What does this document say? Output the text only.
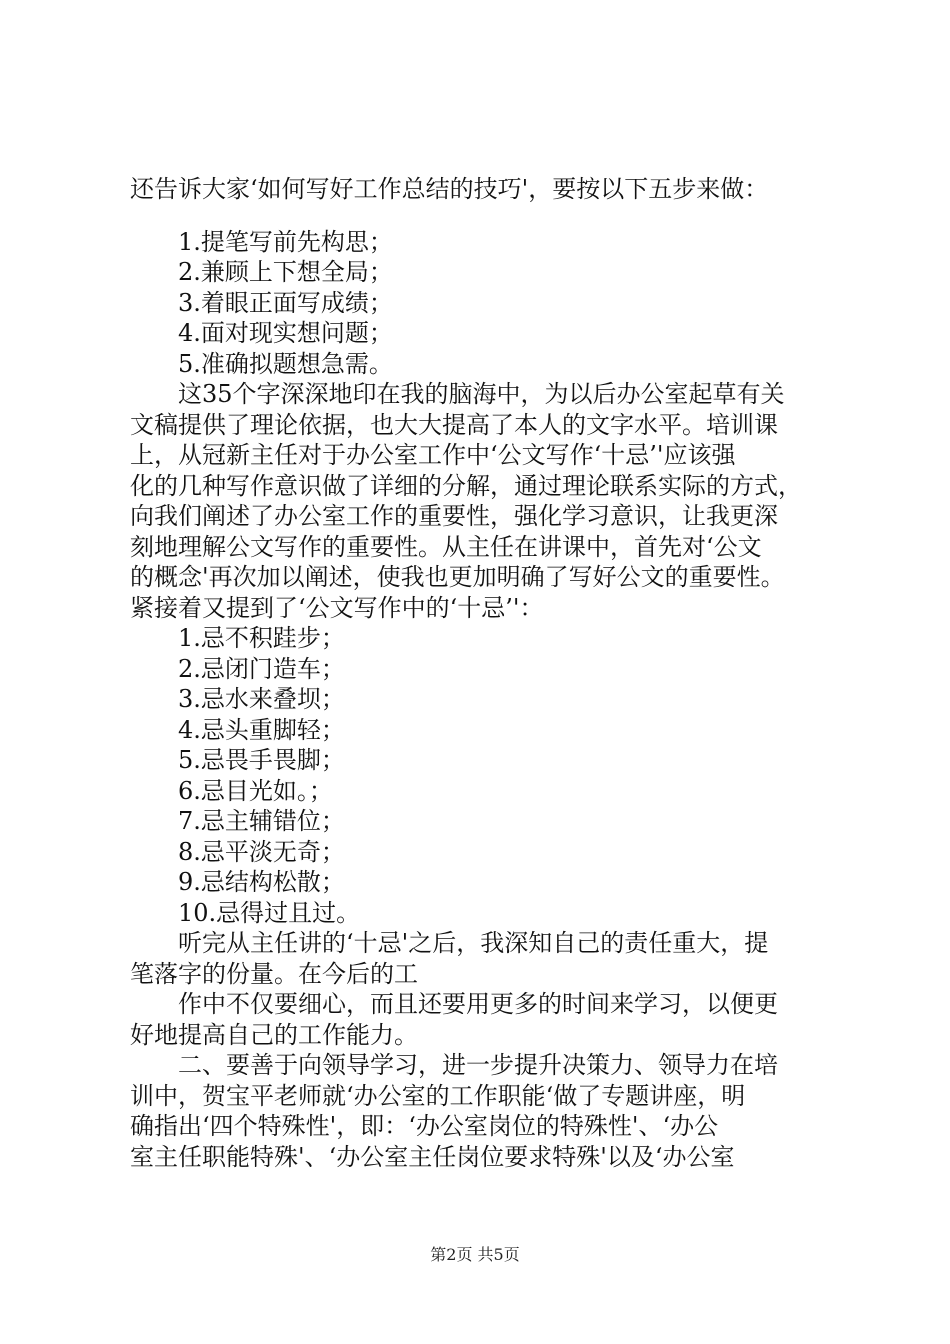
还告诉大家‘如何写好工作总结的技巧'，要按以下五步来做：
1.提笔写前先构思；
2.兼顾上下想全局；
3.着眼正面写成绩；
4.面对现实想问题；
5.准确拟题想急需。
这35个字深深地印在我的脑海中，为以后办公室起草有关
文稿提供了理论依据，也大大提高了本人的文字水平。培训课
上，从冠新主任对于办公室工作中‘公文写作‘十忌’'应该强
化的几种写作意识做了详细的分解，通过理论联系实际的方式，
向我们阐述了办公室工作的重要性，强化学习意识，让我更深
刻地理解公文写作的重要性。从主任在讲课中，首先对‘公文
的概念'再次加以阐述，使我也更加明确了写好公文的重要性。
紧接着又提到了‘公文写作中的‘十忌’'：
1.忌不积跬步；
2.忌闭门造车；
3.忌水来叠坝；
4.忌头重脚轻；
5.忌畏手畏脚；
6.忌目光如。；
7.忌主辅错位；
8.忌平淡无奇；
9.忌结构松散；
10.忌得过且过。
听完从主任讲的‘十忌'之后，我深知自己的责任重大，提
笔落字的份量。在今后的工
作中不仅要细心，而且还要用更多的时间来学习，以便更
好地提高自己的工作能力。
二、要善于向领导学习，进一步提升决策力、领导力在培
训中，贺宝平老师就‘办公室的工作职能‘做了专题讲座，明
确指出‘四个特殊性'，即：‘办公室岗位的特殊性'、‘办公
室主任职能特殊'、‘办公室主任岗位要求特殊'以及‘办公室
第2页 共5页
